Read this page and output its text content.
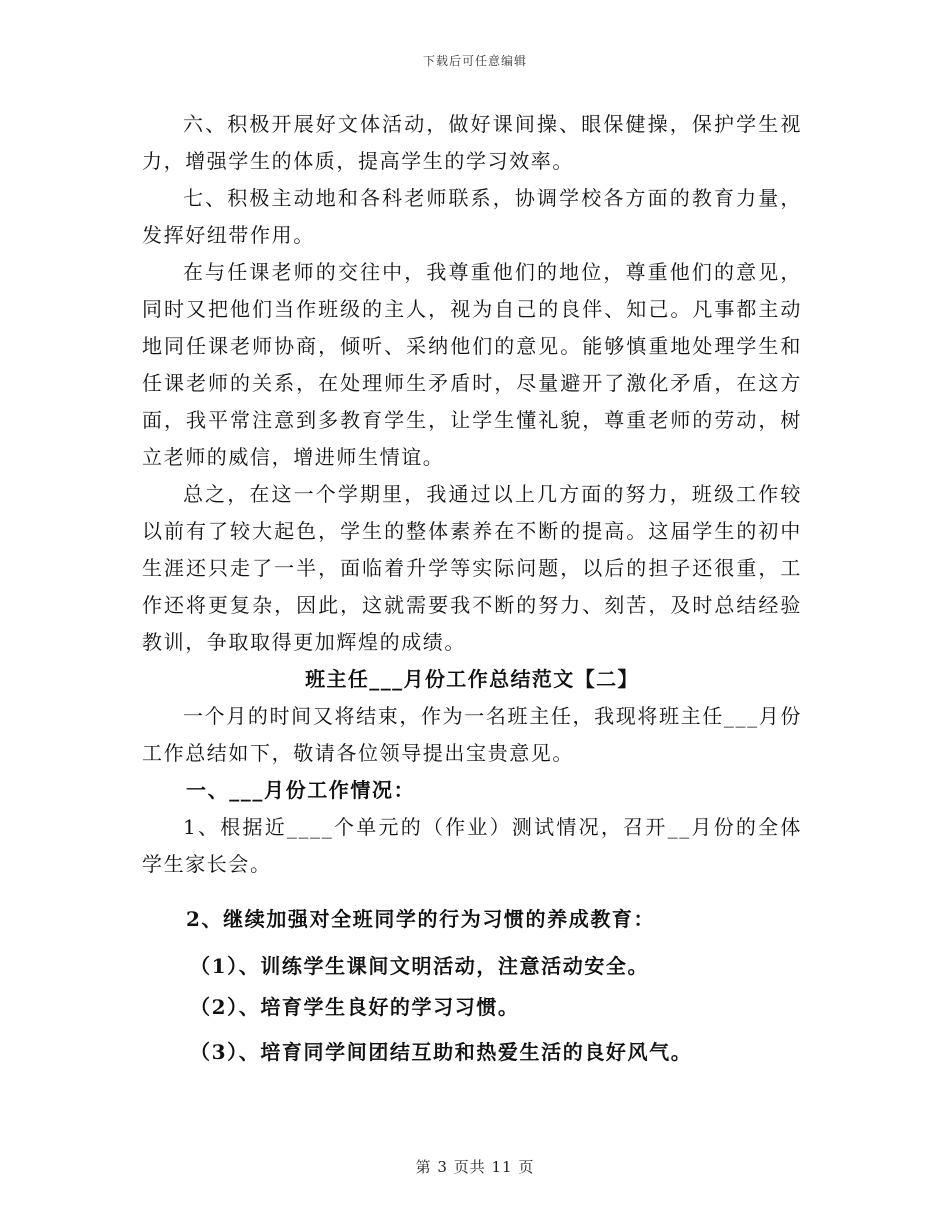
下载后可任意编辑

六、积极开展好文体活动，做好课间操、眼保健操，保护学生视力，增强学生的体质，提高学生的学习效率。

七、积极主动地和各科老师联系，协调学校各方面的教育力量，发挥好纽带作用。

在与任课老师的交往中，我尊重他们的地位，尊重他们的意见，同时又把他们当作班级的主人，视为自己的良伴、知己。凡事都主动地同任课老师协商，倾听、采纳他们的意见。能够慎重地处理学生和任课老师的关系，在处理师生矛盾时，尽量避开了激化矛盾，在这方面，我平常注意到多教育学生，让学生懂礼貌，尊重老师的劳动，树立老师的威信，增进师生情谊。

总之，在这一个学期里，我通过以上几方面的努力，班级工作较以前有了较大起色，学生的整体素养在不断的提高。这届学生的初中生涯还只走了一半，面临着升学等实际问题，以后的担子还很重，工作还将更复杂，因此，这就需要我不断的努力、刻苦，及时总结经验教训，争取取得更加辉煌的成绩。

班主任___月份工作总结范文【二】

一个月的时间又将结束，作为一名班主任，我现将班主任___月份工作总结如下，敬请各位领导提出宝贵意见。

一、___月份工作情况：

1、根据近____个单元的（作业）测试情况，召开__月份的全体学生家长会。

2、继续加强对全班同学的行为习惯的养成教育：

（1）、训练学生课间文明活动，注意活动安全。

（2）、培育学生良好的学习习惯。

（3）、培育同学间团结互助和热爱生活的良好风气。

第 3 页共 11 页
